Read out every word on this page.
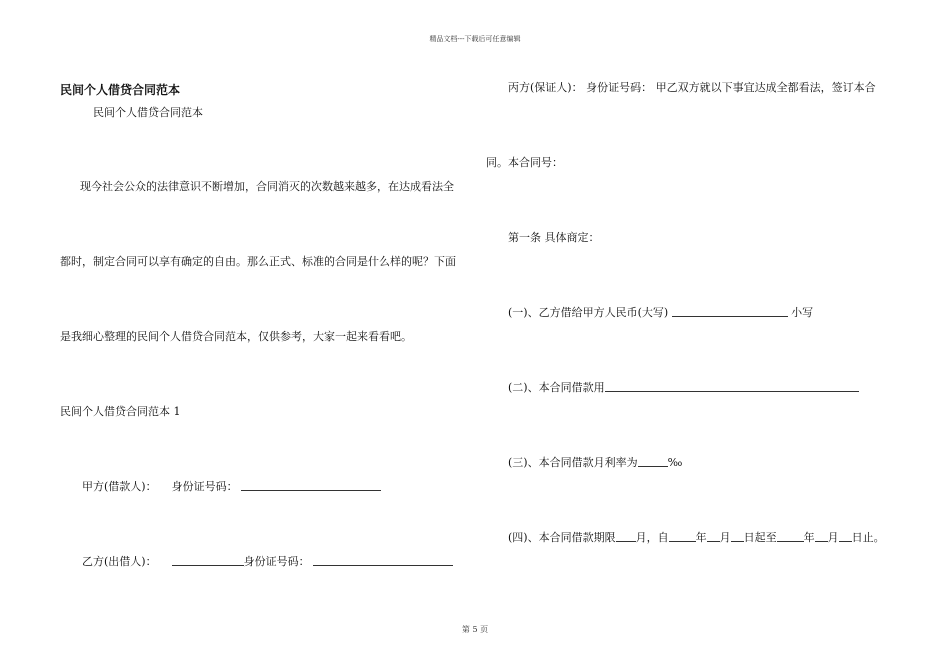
精品文档---下载后可任意编辑
民间个人借贷合同范本
民间个人借贷合同范本
现今社会公众的法律意识不断增加，合同消灭的次数越来越多，在达成看法全
都时，制定合同可以享有确定的自由。那么正式、标准的合同是什么样的呢？下面
是我细心整理的民间个人借贷合同范本，仅供参考，大家一起来看看吧。
民间个人借贷合同范本 1
甲方(借款人)： 身份证号码：
乙方(出借人)：	身份证号码：
丙方(保证人)： 身份证号码： 甲乙双方就以下事宜达成全都看法，签订本合
同。本合同号：
第一条 具体商定：
(一)、乙方借给甲方人民币(大写)	小写
(二)、本合同借款用
(三)、本合同借款月利率为	‰
(四)、本合同借款期限 月，自 年 月 日起至 年 月 日止。
第 5 页
